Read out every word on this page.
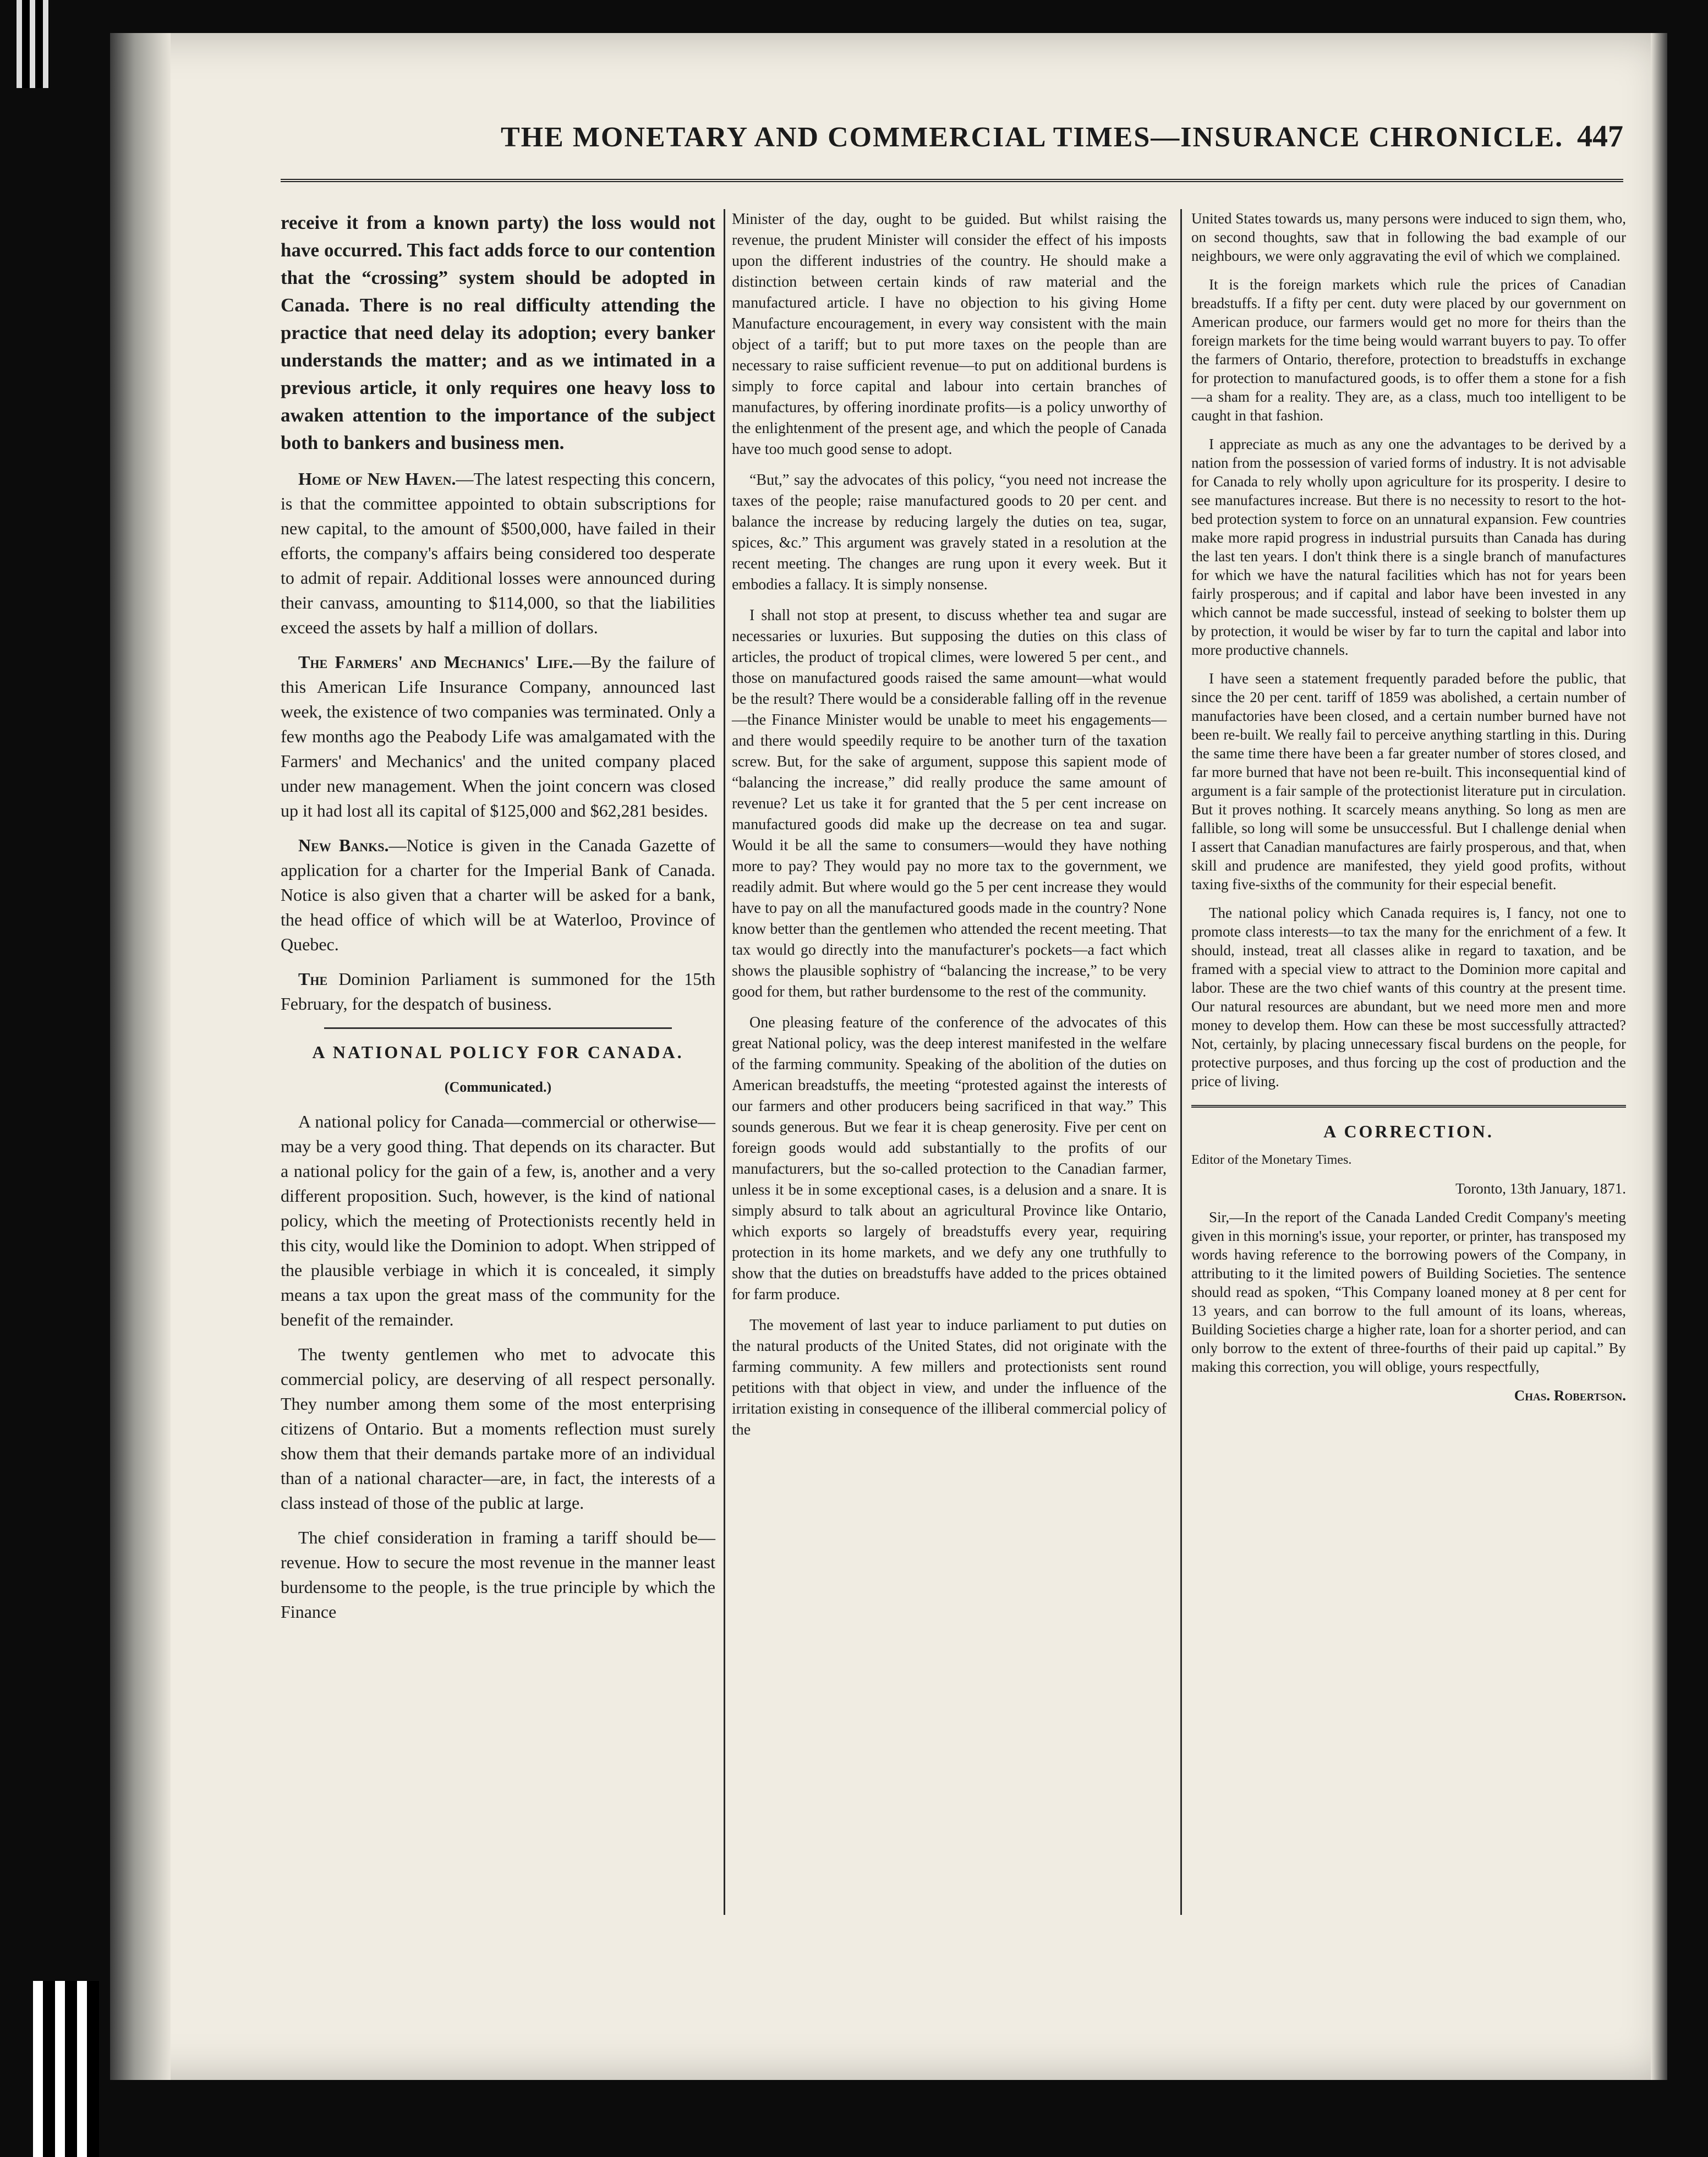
THE MONETARY AND COMMERCIAL TIMES—INSURANCE CHRONICLE. 447

receive it from a known party) the loss would not have occurred. This fact adds force to our contention that the “crossing” system should be adopted in Canada. There is no real difficulty attending the practice that need delay its adoption; every banker understands the matter; and as we intimated in a previous article, it only requires one heavy loss to awaken attention to the importance of the subject both to bankers and business men.

Home of New Haven.—The latest respecting this concern, is that the committee appointed to obtain subscriptions for new capital, to the amount of $500,000, have failed in their efforts, the company's affairs being considered too desperate to admit of repair. Additional losses were announced during their canvass, amounting to $114,000, so that the liabilities exceed the assets by half a million of dollars.

The Farmers' and Mechanics' Life.—By the failure of this American Life Insurance Company, announced last week, the existence of two companies was terminated. Only a few months ago the Peabody Life was amalgamated with the Farmers' and Mechanics' and the united company placed under new management. When the joint concern was closed up it had lost all its capital of $125,000 and $62,281 besides.

New Banks.—Notice is given in the Canada Gazette of application for a charter for the Imperial Bank of Canada. Notice is also given that a charter will be asked for a bank, the head office of which will be at Waterloo, Province of Quebec.

The Dominion Parliament is summoned for the 15th February, for the despatch of business.

A NATIONAL POLICY FOR CANADA.

(Communicated.)

A national policy for Canada—commercial or otherwise—may be a very good thing. That depends on its character. But a national policy for the gain of a few, is, another and a very different proposition. Such, however, is the kind of national policy, which the meeting of Protectionists recently held in this city, would like the Dominion to adopt. When stripped of the plausible verbiage in which it is concealed, it simply means a tax upon the great mass of the community for the benefit of the remainder.

The twenty gentlemen who met to advocate this commercial policy, are deserving of all respect personally. They number among them some of the most enterprising citizens of Ontario. But a moments reflection must surely show them that their demands partake more of an individual than of a national character—are, in fact, the interests of a class instead of those of the public at large.

The chief consideration in framing a tariff should be—revenue. How to secure the most revenue in the manner least burdensome to the people, is the true principle by which the Finance

Minister of the day, ought to be guided. But whilst raising the revenue, the prudent Minister will consider the effect of his imposts upon the different industries of the country. He should make a distinction between certain kinds of raw material and the manufactured article. I have no objection to his giving Home Manufacture encouragement, in every way consistent with the main object of a tariff; but to put more taxes on the people than are necessary to raise sufficient revenue—to put on additional burdens is simply to force capital and labour into certain branches of manufactures, by offering inordinate profits—is a policy unworthy of the enlightenment of the present age, and which the people of Canada have too much good sense to adopt.

“But,” say the advocates of this policy, “you need not increase the taxes of the people; raise manufactured goods to 20 per cent. and balance the increase by reducing largely the duties on tea, sugar, spices, &c.” This argument was gravely stated in a resolution at the recent meeting. The changes are rung upon it every week. But it embodies a fallacy. It is simply nonsense.

I shall not stop at present, to discuss whether tea and sugar are necessaries or luxuries. But supposing the duties on this class of articles, the product of tropical climes, were lowered 5 per cent., and those on manufactured goods raised the same amount—what would be the result? There would be a considerable falling off in the revenue—the Finance Minister would be unable to meet his engagements—and there would speedily require to be another turn of the taxation screw. But, for the sake of argument, suppose this sapient mode of “balancing the increase,” did really produce the same amount of revenue? Let us take it for granted that the 5 per cent increase on manufactured goods did make up the decrease on tea and sugar. Would it be all the same to consumers—would they have nothing more to pay? They would pay no more tax to the government, we readily admit. But where would go the 5 per cent increase they would have to pay on all the manufactured goods made in the country? None know better than the gentlemen who attended the recent meeting. That tax would go directly into the manufacturer's pockets—a fact which shows the plausible sophistry of “balancing the increase,” to be very good for them, but rather burdensome to the rest of the community.

One pleasing feature of the conference of the advocates of this great National policy, was the deep interest manifested in the welfare of the farming community. Speaking of the abolition of the duties on American breadstuffs, the meeting “protested against the interests of our farmers and other producers being sacrificed in that way.” This sounds generous. But we fear it is cheap generosity. Five per cent on foreign goods would add substantially to the profits of our manufacturers, but the so-called protection to the Canadian farmer, unless it be in some exceptional cases, is a delusion and a snare. It is simply absurd to talk about an agricultural Province like Ontario, which exports so largely of breadstuffs every year, requiring protection in its home markets, and we defy any one truthfully to show that the duties on breadstuffs have added to the prices obtained for farm produce.

The movement of last year to induce parliament to put duties on the natural products of the United States, did not originate with the farming community. A few millers and protectionists sent round petitions with that object in view, and under the influence of the irritation existing in consequence of the illiberal commercial policy of the

United States towards us, many persons were induced to sign them, who, on second thoughts, saw that in following the bad example of our neighbours, we were only aggravating the evil of which we complained.

It is the foreign markets which rule the prices of Canadian breadstuffs. If a fifty per cent. duty were placed by our government on American produce, our farmers would get no more for theirs than the foreign markets for the time being would warrant buyers to pay. To offer the farmers of Ontario, therefore, protection to breadstuffs in exchange for protection to manufactured goods, is to offer them a stone for a fish—a sham for a reality. They are, as a class, much too intelligent to be caught in that fashion.

I appreciate as much as any one the advantages to be derived by a nation from the possession of varied forms of industry. It is not advisable for Canada to rely wholly upon agriculture for its prosperity. I desire to see manufactures increase. But there is no necessity to resort to the hot-bed protection system to force on an unnatural expansion. Few countries make more rapid progress in industrial pursuits than Canada has during the last ten years. I don't think there is a single branch of manufactures for which we have the natural facilities which has not for years been fairly prosperous; and if capital and labor have been invested in any which cannot be made successful, instead of seeking to bolster them up by protection, it would be wiser by far to turn the capital and labor into more productive channels.

I have seen a statement frequently paraded before the public, that since the 20 per cent. tariff of 1859 was abolished, a certain number of manufactories have been closed, and a certain number burned have not been re-built. We really fail to perceive anything startling in this. During the same time there have been a far greater number of stores closed, and far more burned that have not been re-built. This inconsequential kind of argument is a fair sample of the protectionist literature put in circulation. But it proves nothing. It scarcely means anything. So long as men are fallible, so long will some be unsuccessful. But I challenge denial when I assert that Canadian manufactures are fairly prosperous, and that, when skill and prudence are manifested, they yield good profits, without taxing five-sixths of the community for their especial benefit.

The national policy which Canada requires is, I fancy, not one to promote class interests—to tax the many for the enrichment of a few. It should, instead, treat all classes alike in regard to taxation, and be framed with a special view to attract to the Dominion more capital and labor. These are the two chief wants of this country at the present time. Our natural resources are abundant, but we need more men and more money to develop them. How can these be most successfully attracted? Not, certainly, by placing unnecessary fiscal burdens on the people, for protective purposes, and thus forcing up the cost of production and the price of living.

A CORRECTION.

Editor of the Monetary Times.

Toronto, 13th January, 1871.

Sir,—In the report of the Canada Landed Credit Company's meeting given in this morning's issue, your reporter, or printer, has transposed my words having reference to the borrowing powers of the Company, in attributing to it the limited powers of Building Societies. The sentence should read as spoken, “This Company loaned money at 8 per cent for 13 years, and can borrow to the full amount of its loans, whereas, Building Societies charge a higher rate, loan for a shorter period, and can only borrow to the extent of three-fourths of their paid up capital.” By making this correction, you will oblige, yours respectfully,

Chas. Robertson.
